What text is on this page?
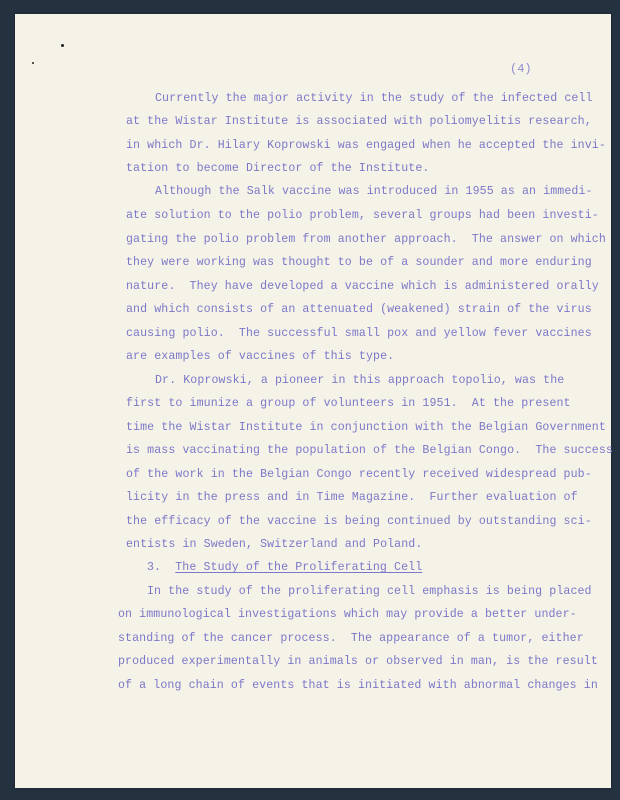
(4)

Currently the major activity in the study of the infected cell

at the Wistar Institute is associated with poliomyelitis research,

in which Dr. Hilary Koprowski was engaged when he accepted the invi-

tation to become Director of the Institute.

Although the Salk vaccine was introduced in 1955 as an immedi-

ate solution to the polio problem, several groups had been investi-

gating the polio problem from another approach.  The answer on which

they were working was thought to be of a sounder and more enduring

nature.  They have developed a vaccine which is administered orally

and which consists of an attenuated (weakened) strain of the virus

causing polio.  The successful small pox and yellow fever vaccines

are examples of vaccines of this type.

Dr. Koprowski, a pioneer in this approach topolio, was the

first to imunize a group of volunteers in 1951.  At the present

time the Wistar Institute in conjunction with the Belgian Government

is mass vaccinating the population of the Belgian Congo.  The success

of the work in the Belgian Congo recently received widespread pub-

licity in the press and in Time Magazine.  Further evaluation of

the efficacy of the vaccine is being continued by outstanding sci-

entists in Sweden, Switzerland and Poland.

3. The Study of the Proliferating Cell

In the study of the proliferating cell emphasis is being placed

on immunological investigations which may provide a better under-

standing of the cancer process.  The appearance of a tumor, either

produced experimentally in animals or observed in man, is the result

of a long chain of events that is initiated with abnormal changes in
